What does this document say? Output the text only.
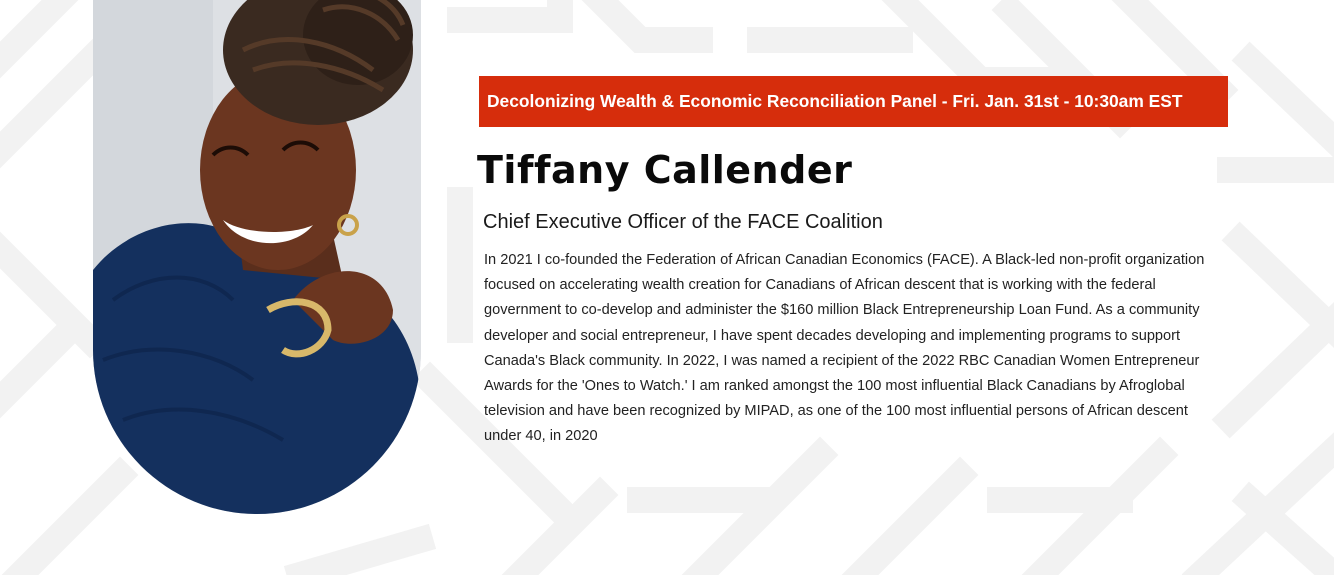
Decolonizing Wealth & Economic Reconciliation Panel - Fri. Jan. 31st - 10:30am EST
Tiffany Callender

Chief Executive Officer of the FACE Coalition

In 2021 I co-founded the Federation of African Canadian Economics (FACE). A Black-led non-profit organization focused on accelerating wealth creation for Canadians of African descent that is working with the federal government to co-develop and administer the $160 million Black Entrepreneurship Loan Fund. As a community developer and social entrepreneur, I have spent decades developing and implementing programs to support Canada's Black community. In 2022, I was named a recipient of the 2022 RBC Canadian Women Entrepreneur Awards for the 'Ones to Watch.' I am ranked amongst the 100 most influential Black Canadians by Afroglobal television and have been recognized by MIPAD, as one of the 100 most influential persons of African descent under 40, in 2020
